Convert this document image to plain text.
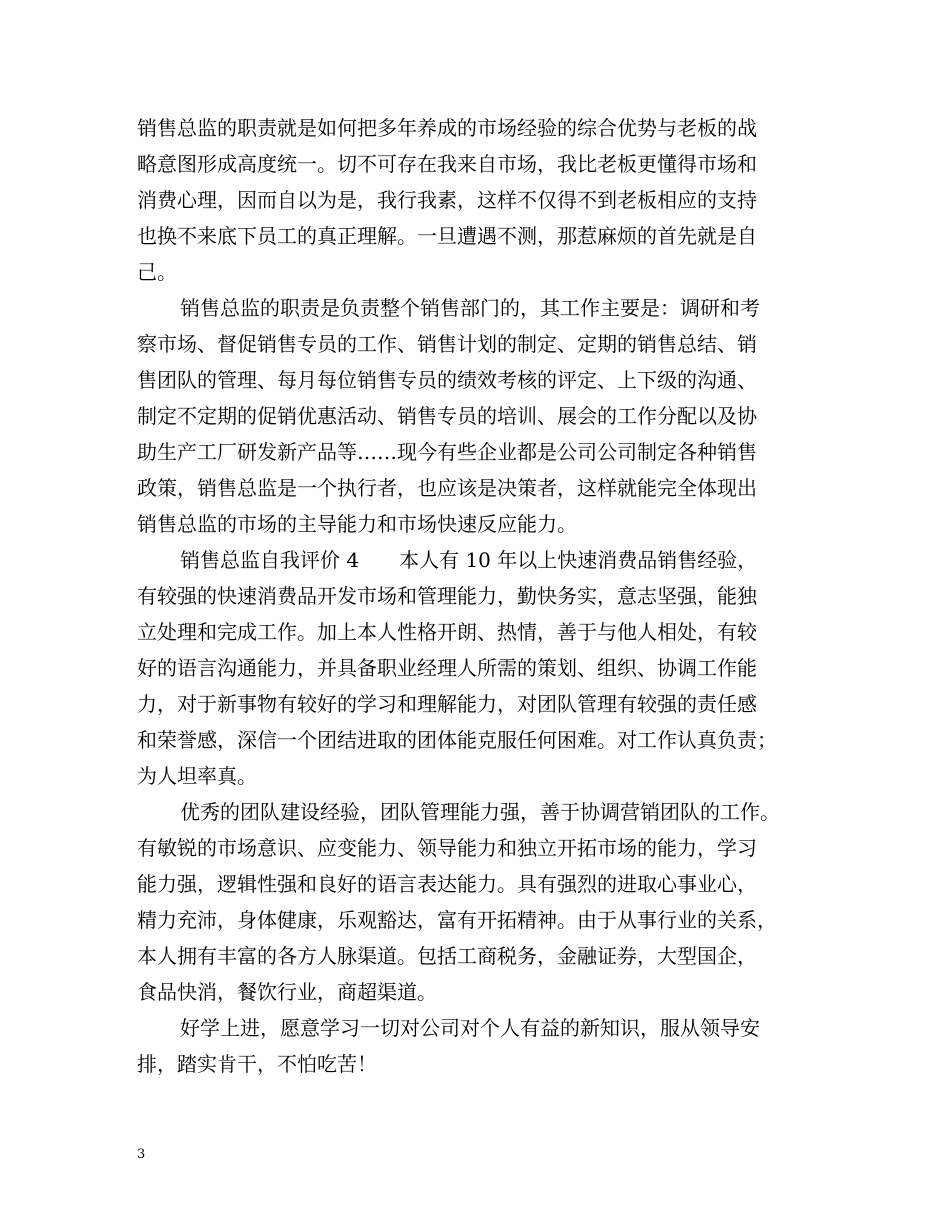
销售总监的职责就是如何把多年养成的市场经验的综合优势与老板的战
略意图形成高度统一。切不可存在我来自市场，我比老板更懂得市场和
消费心理，因而自以为是，我行我素，这样不仅得不到老板相应的支持
也换不来底下员工的真正理解。一旦遭遇不测，那惹麻烦的首先就是自
己。
销售总监的职责是负责整个销售部门的，其工作主要是：调研和考
察市场、督促销售专员的工作、销售计划的制定、定期的销售总结、销
售团队的管理、每月每位销售专员的绩效考核的评定、上下级的沟通、
制定不定期的促销优惠活动、销售专员的培训、展会的工作分配以及协
助生产工厂研发新产品等……现今有些企业都是公司公司制定各种销售
政策，销售总监是一个执行者，也应该是决策者，这样就能完全体现出
销售总监的市场的主导能力和市场快速反应能力。
销售总监自我评价 4　　本人有 10 年以上快速消费品销售经验，
有较强的快速消费品开发市场和管理能力，勤快务实，意志坚强，能独
立处理和完成工作。加上本人性格开朗、热情，善于与他人相处，有较
好的语言沟通能力，并具备职业经理人所需的策划、组织、协调工作能
力，对于新事物有较好的学习和理解能力，对团队管理有较强的责任感
和荣誉感，深信一个团结进取的团体能克服任何困难。对工作认真负责；
为人坦率真。
优秀的团队建设经验，团队管理能力强，善于协调营销团队的工作。
有敏锐的市场意识、应变能力、领导能力和独立开拓市场的能力，学习
能力强，逻辑性强和良好的语言表达能力。具有强烈的进取心事业心，
精力充沛，身体健康，乐观豁达，富有开拓精神。由于从事行业的关系，
本人拥有丰富的各方人脉渠道。包括工商税务，金融证券，大型国企，
食品快消，餐饮行业，商超渠道。
好学上进，愿意学习一切对公司对个人有益的新知识，服从领导安
排，踏实肯干，不怕吃苦！
3
